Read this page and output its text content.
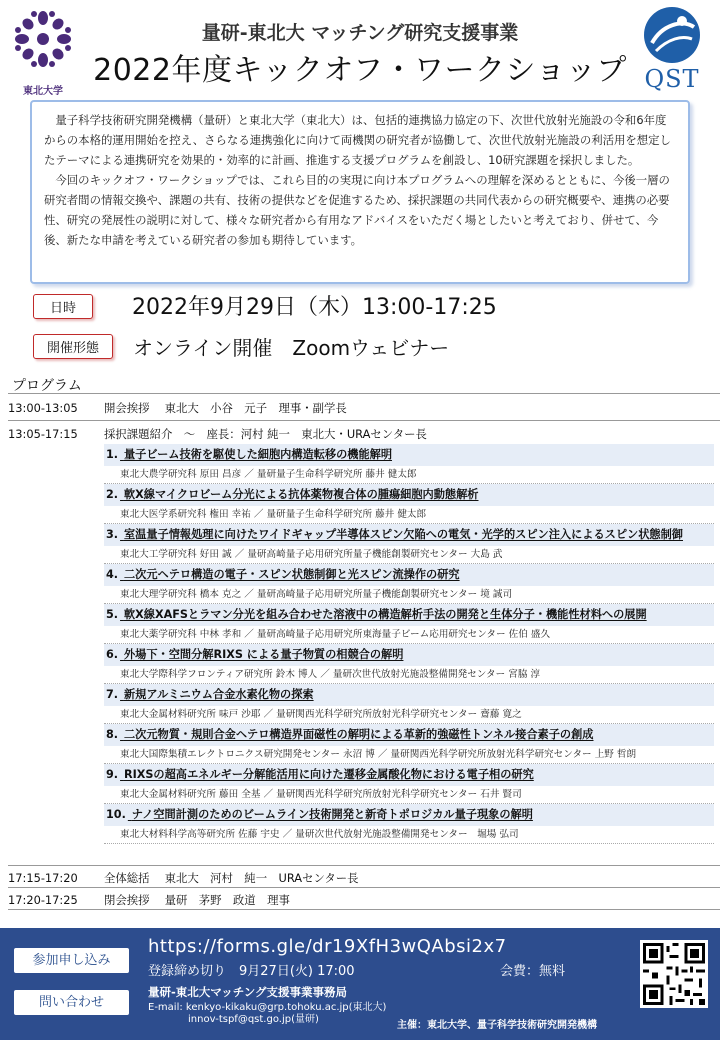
東北大学
量研-東北大 マッチング研究支援事業
2022年度キックオフ・ワークショップ QST

量子科学技術研究開発機構（量研）と東北大学（東北大）は、包括的連携協力協定の下、次世代放射光施設の令和6年度からの本格的運用開始を控え、さらなる連携強化に向けて両機関の研究者が協働して、次世代放射光施設の利活用を想定したテーマによる連携研究を効果的・効率的に計画、推進する支援プログラムを創設し、10研究課題を採択しました。

今回のキックオフ・ワークショップでは、これら目的の実現に向け本プログラムへの理解を深めるとともに、今後一層の研究者間の情報交換や、課題の共有、技術の提供などを促進するため、採択課題の共同代表からの研究概要や、連携の必要性、研究の発展性の説明に対して、様々な研究者から有用なアドバイスをいただく場としたいと考えており、併せて、今後、新たな申請を考えている研究者の参加も期待しています。

日時	2022年9月29日（木）13:00-17:25
開催形態	オンライン開催　Zoomウェビナー
プログラム
13:00-13:05 開会挨拶　 東北大　小谷　元子　理事・副学長
13:05-17:15 採択課題紹介　～　座長：河村 純一　東北大・URAセンター長
1. 量子ビーム技術を駆使した細胞内構造転移の機能解明
東北大農学研究科 原田 昌彦 ／ 量研量子生命科学研究所 藤井 健太郎
2. 軟X線マイクロビーム分光による抗体薬物複合体の腫瘍細胞内動態解析
東北大医学系研究科 権田 幸祐 ／ 量研量子生命科学研究所 藤井 健太郎
3. 室温量子情報処理に向けたワイドギャップ半導体スピン欠陥への電気・光学的スピン注入によるスピン状態制御
東北大工学研究科 好田 誠 ／ 量研高崎量子応用研究所量子機能創製研究センター 大島 武
4. 二次元ヘテロ構造の電子・スピン状態制御と光スピン流操作の研究
東北大理学研究科 橋本 克之 ／ 量研高崎量子応用研究所量子機能創製研究センター 境 誠司
5. 軟X線XAFSとラマン分光を組み合わせた溶液中の構造解析手法の開発と生体分子・機能性材料への展開
東北大薬学研究科 中林 孝和 ／ 量研高崎量子応用研究所東海量子ビーム応用研究センター 佐伯 盛久
6. 外場下・空間分解RIXS による量子物質の相競合の解明
東北大学際科学フロンティア研究所 鈴木 博人 ／ 量研次世代放射光施設整備開発センター 宮脇 淳
7. 新規アルミニウム合金水素化物の探索
東北大金属材料研究所 味戸 沙耶 ／ 量研関西光科学研究所放射光科学研究センター 齋藤 寛之
8. 二次元物質・規則合金ヘテロ構造界面磁性の解明による革新的強磁性トンネル接合素子の創成
東北大国際集積エレクトロニクス研究開発センター 永沼 博 ／ 量研関西光科学研究所放射光科学研究センター 上野 哲朗
9. RIXSの超高エネルギー分解能活用に向けた遷移金属酸化物における電子相の研究
東北大金属材料研究所 藤田 全基 ／ 量研関西光科学研究所放射光科学研究センター 石井 賢司
10. ナノ空間計測のためのビームライン技術開発と新奇トポロジカル量子現象の解明
東北大材料科学高等研究所 佐藤 宇史 ／ 量研次世代放射光施設整備開発センター　堀場 弘司
17:15-17:20 全体総括　 東北大　河村　純一　URAセンター長
17:20-17:25 閉会挨拶　 量研　茅野　政道　理事
参加申し込み
問い合わせ
https://forms.gle/dr19XfH3wQAbsi2x7
登録締め切り　9月27日(火) 17:00	会費：無料
量研-東北大マッチング支援事業事務局
E-mail: kenkyo-kikaku@grp.tohoku.ac.jp(東北大)
innov-tspf@qst.go.jp(量研)
主催：東北大学、量子科学技術研究開発機構
